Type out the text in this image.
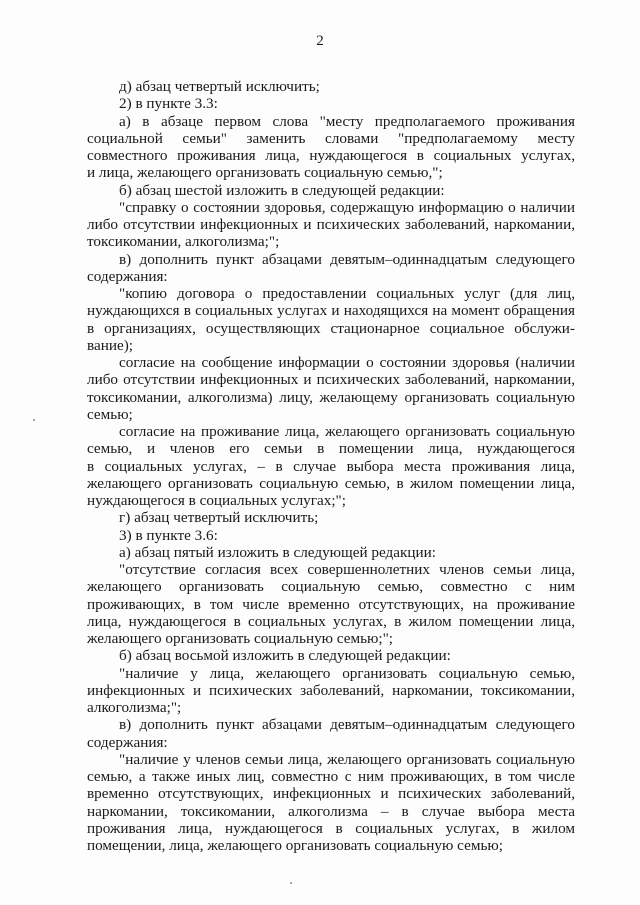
2
д) абзац четвертый исключить;
2) в пункте 3.3:
а) в абзаце первом слова "месту предполагаемого проживания
социальной семьи" заменить словами "предполагаемому месту
совместного проживания лица, нуждающегося в социальных услугах,
и лица, желающего организовать социальную семью,";
б) абзац шестой изложить в следующей редакции:
"справку о состоянии здоровья, содержащую информацию о наличии
либо отсутствии инфекционных и психических заболеваний, наркомании,
токсикомании, алкоголизма;";
в) дополнить пункт абзацами девятым–одиннадцатым следующего
содержания:
"копию договора о предоставлении социальных услуг (для лиц,
нуждающихся в социальных услугах и находящихся на момент обращения
в организациях, осуществляющих стационарное социальное обслужи-
вание);
согласие на сообщение информации о состоянии здоровья (наличии
либо отсутствии инфекционных и психических заболеваний, наркомании,
токсикомании, алкоголизма) лицу, желающему организовать социальную
семью;
согласие на проживание лица, желающего организовать социальную
семью, и членов его семьи в помещении лица, нуждающегося
в социальных услугах, – в случае выбора места проживания лица,
желающего организовать социальную семью, в жилом помещении лица,
нуждающегося в социальных услугах;";
г) абзац четвертый исключить;
3) в пункте 3.6:
а) абзац пятый изложить в следующей редакции:
"отсутствие согласия всех совершеннолетних членов семьи лица,
желающего организовать социальную семью, совместно с ним
проживающих, в том числе временно отсутствующих, на проживание
лица, нуждающегося в социальных услугах, в жилом помещении лица,
желающего организовать социальную семью;";
б) абзац восьмой изложить в следующей редакции:
"наличие у лица, желающего организовать социальную семью,
инфекционных и психических заболеваний, наркомании, токсикомании,
алкоголизма;";
в) дополнить пункт абзацами девятым–одиннадцатым следующего
содержания:
"наличие у членов семьи лица, желающего организовать социальную
семью, а также иных лиц, совместно с ним проживающих, в том числе
временно отсутствующих, инфекционных и психических заболеваний,
наркомании, токсикомании, алкоголизма – в случае выбора места
проживания лица, нуждающегося в социальных услугах, в жилом
помещении, лица, желающего организовать социальную семью;
